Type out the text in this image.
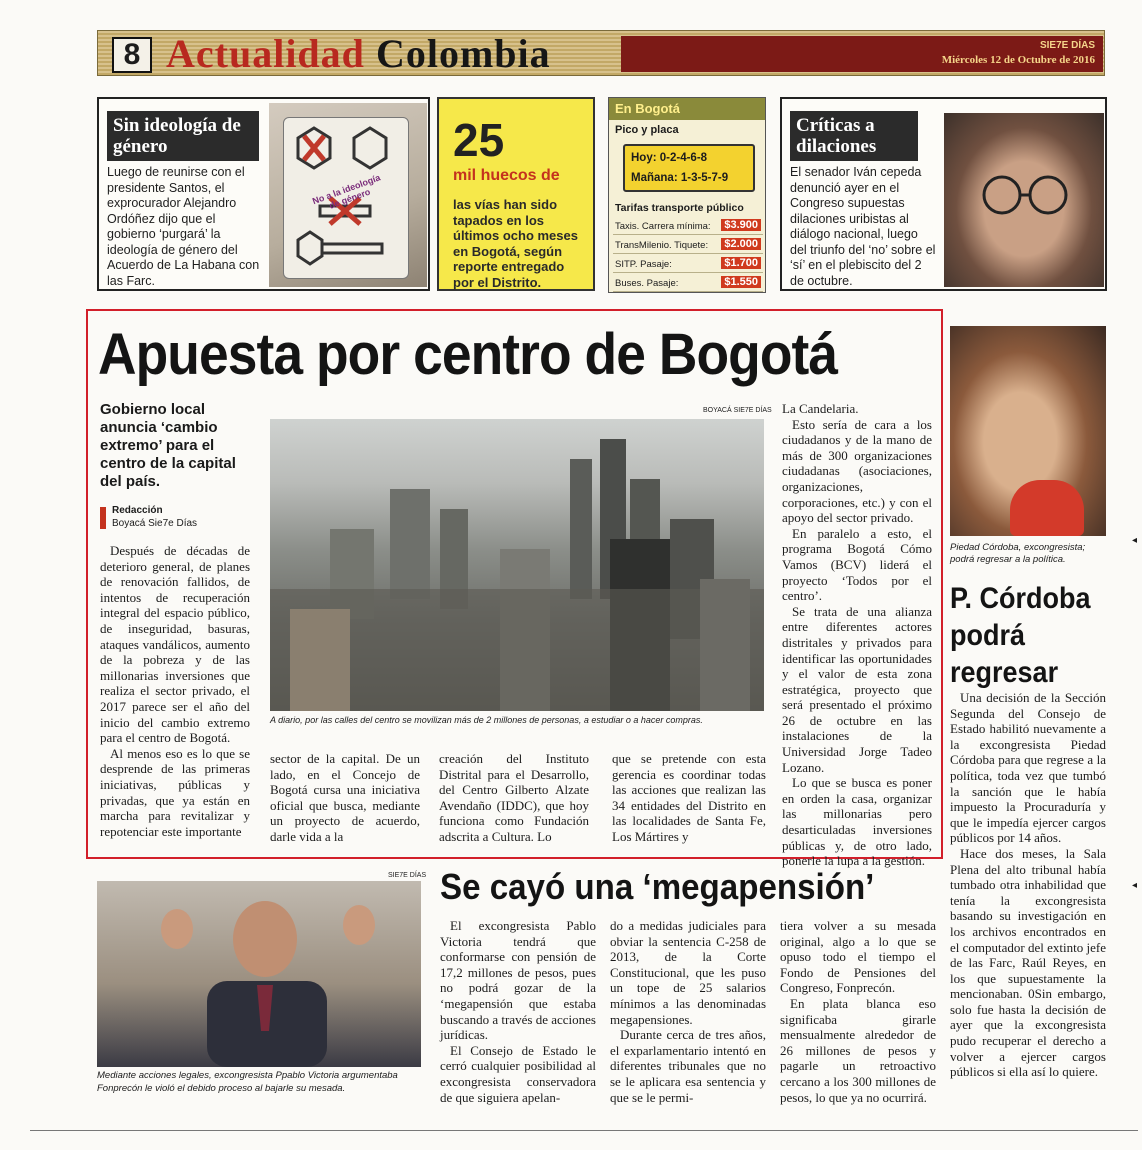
8 Actualidad Colombia	SIE7E DÍAS
Miércoles 12 de Octubre de 2016
Sin ideología de género
Luego de reunirse con el presidente Santos, el exprocurador Alejandro Ordóñez dijo que el gobierno ‘purgará’ la ideología de género del Acuerdo de La Habana con las Farc.
No a la ideología de género
25
mil huecos de
las vías han sido tapados en los últimos ocho meses en Bogotá, según reporte entregado por el Distrito.
En Bogotá
Pico y placa
Hoy: 0-2-4-6-8
Mañana: 1-3-5-7-9
Tarifas transporte público
Taxis. Carrera mínima: $3.900
TransMilenio. Tiquete: $2.000
SITP. Pasaje:	$1.700
Buses. Pasaje:	$1.550
Críticas a dilaciones
El senador Iván cepeda denunció ayer en el Congreso supuestas dilaciones uribistas al diálogo nacional, luego del triunfo del ‘no’ sobre el ‘sí’ en el plebiscito del 2 de octubre.
Apuesta por centro de Bogotá
Gobierno local anuncia ‘cambio extremo’ para el centro de la capital del país.
Redacción
Boyacá Sie7e Días

Después de décadas de deterioro general, de planes de renovación fallidos, de intentos de recuperación integral del espacio público, de inseguridad, basuras, ataques vandálicos, aumento de la pobreza y de las millonarias inversiones que realiza el sector privado, el 2017 parece ser el año del inicio del cambio extremo para el centro de Bogotá.

Al menos eso es lo que se desprende de las primeras iniciativas, públicas y privadas, que ya están en marcha para revitalizar y repotenciar este importante

BOYACÁ SIE7E DÍAS
A diario, por las calles del centro se movilizan más de 2 millones de personas, a estudiar o a hacer compras.

sector de la capital. De un lado, en el Concejo de Bogotá cursa una iniciativa oficial que busca, mediante un proyecto de acuerdo, darle vida a la

creación del Instituto Distrital para el Desarrollo, del Centro Gilberto Alzate Avendaño (IDDC), que hoy funciona como Fundación adscrita a Cultura. Lo

que se pretende con esta gerencia es coordinar todas las acciones que realizan las 34 entidades del Distrito en las localidades de Santa Fe, Los Mártires y

La Candelaria.

Esto sería de cara a los ciudadanos y de la mano de más de 300 organizaciones ciudadanas (asociaciones, organizaciones, corporaciones, etc.) y con el apoyo del sector privado.

En paralelo a esto, el programa Bogotá Cómo Vamos (BCV) liderá el proyecto ‘Todos por el centro’.

Se trata de una alianza entre diferentes actores distritales y privados para identificar las oportunidades y el valor de esta zona estratégica, proyecto que será presentado el próximo 26 de octubre en las instalaciones de la Universidad Jorge Tadeo Lozano.

Lo que se busca es poner en orden la casa, organizar las millonarias pero desarticuladas inversiones públicas y, de otro lado, ponerle la lupa a la gestión.

Piedad Córdoba, excongresista; podrá regresar a la política.
P. Córdoba podrá regresar

Una decisión de la Sección Segunda del Consejo de Estado habilitó nuevamente a la excongresista Piedad Córdoba para que regrese a la política, toda vez que tumbó la sanción que le había impuesto la Procuraduría y que le impedía ejercer cargos públicos por 14 años.

Hace dos meses, la Sala Plena del alto tribunal había tumbado otra inhabilidad que tenía la excongresista basando su investigación en los archivos encontrados en el computador del extinto jefe de las Farc, Raúl Reyes, en los que supuestamente la mencionaban. 0Sin embargo, solo fue hasta la decisión de ayer que la excongresista pudo recuperar el derecho a volver a ejercer cargos públicos si ella así lo quiere.

SIE7E DÍAS
Mediante acciones legales, excongresista Ppablo Victoria argumentaba Fonprecón le violó el debido proceso al bajarle su mesada.
Se cayó una ‘megapensión’

El excongresista Pablo Victoria tendrá que conformarse con pensión de 17,2 millones de pesos, pues no podrá gozar de la ‘megapensión que estaba buscando a través de acciones jurídicas.

El Consejo de Estado le cerró cualquier posibilidad al excongresista conservadora de que siguiera apelan-

do a medidas judiciales para obviar la sentencia C-258 de 2013, de la Corte Constitucional, que les puso un tope de 25 salarios mínimos a las denominadas megapensiones.

Durante cerca de tres años, el exparlamentario intentó en diferentes tribunales que no se le aplicara esa sentencia y que se le permi-

tiera volver a su mesada original, algo a lo que se opuso todo el tiempo el Fondo de Pensiones del Congreso, Fonprecón.

En plata blanca eso significaba girarle mensualmente alrededor de 26 millones de pesos y pagarle un retroactivo cercano a los 300 millones de pesos, lo que ya no ocurrirá.

◂
◂
